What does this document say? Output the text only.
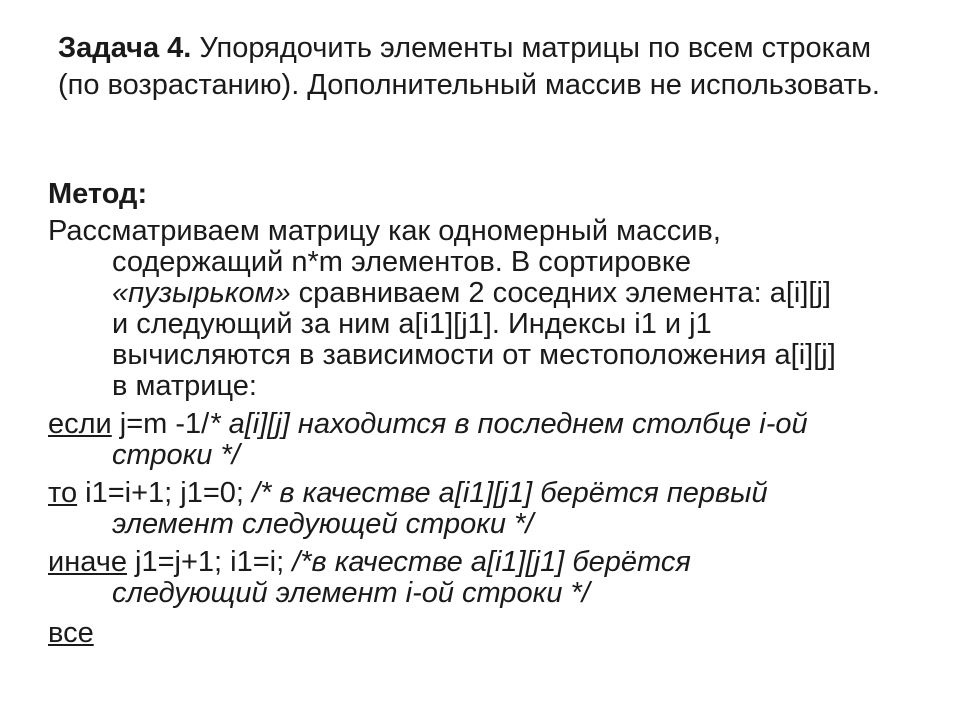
Задача 4. Упорядочить элементы матрицы по всем строкам (по возрастанию). Дополнительный массив не использовать.
Метод:
Рассматриваем матрицу как одномерный массив,
содержащий n*m элементов. В сортировке
«пузырьком» сравниваем 2 соседних элемента: a[i][j]
и следующий за ним a[i1][j1]. Индексы i1 и j1
вычисляются в зависимости от местоположения a[i][j]
в матрице:
если j=m -1/* a[i][j] находится в последнем столбце i-ой
строки */
то i1=i+1; j1=0; /* в качестве a[i1][j1] берётся первый
элемент следующей строки */
иначе j1=j+1; i1=i; /*в качестве a[i1][j1] берётся
следующий элемент i-ой строки */
все
